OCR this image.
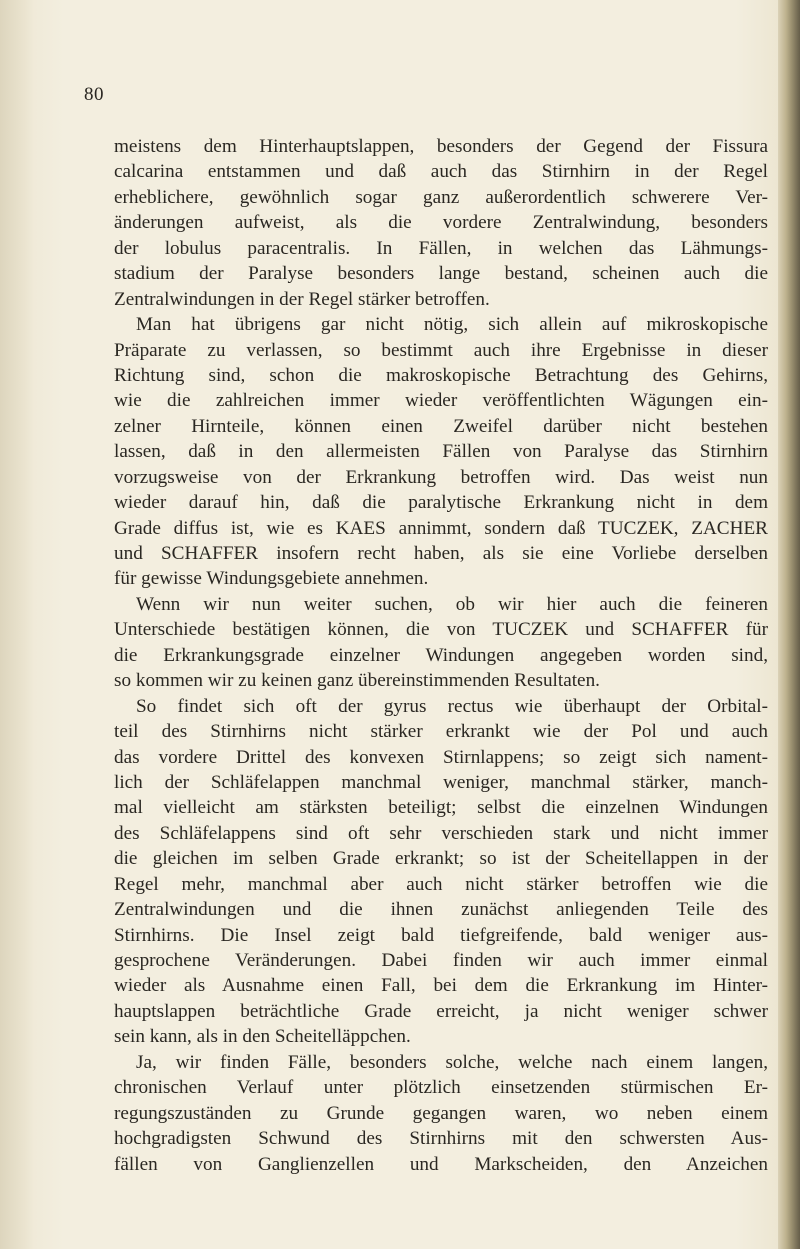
80
meistens dem Hinterhauptslappen, besonders der Gegend der Fissura
calcarina entstammen und daß auch das Stirnhirn in der Regel
erheblichere, gewöhnlich sogar ganz außerordentlich schwerere Ver-
änderungen aufweist, als die vordere Zentralwindung, besonders
der lobulus paracentralis. In Fällen, in welchen das Lähmungs-
stadium der Paralyse besonders lange bestand, scheinen auch die
Zentralwindungen in der Regel stärker betroffen.
Man hat übrigens gar nicht nötig, sich allein auf mikroskopische
Präparate zu verlassen, so bestimmt auch ihre Ergebnisse in dieser
Richtung sind, schon die makroskopische Betrachtung des Gehirns,
wie die zahlreichen immer wieder veröffentlichten Wägungen ein-
zelner Hirnteile, können einen Zweifel darüber nicht bestehen
lassen, daß in den allermeisten Fällen von Paralyse das Stirnhirn
vorzugsweise von der Erkrankung betroffen wird. Das weist nun
wieder darauf hin, daß die paralytische Erkrankung nicht in dem
Grade diffus ist, wie es KAES annimmt, sondern daß TUCZEK, ZACHER
und SCHAFFER insofern recht haben, als sie eine Vorliebe derselben
für gewisse Windungsgebiete annehmen.
Wenn wir nun weiter suchen, ob wir hier auch die feineren
Unterschiede bestätigen können, die von TUCZEK und SCHAFFER für
die Erkrankungsgrade einzelner Windungen angegeben worden sind,
so kommen wir zu keinen ganz übereinstimmenden Resultaten.
So findet sich oft der gyrus rectus wie überhaupt der Orbital-
teil des Stirnhirns nicht stärker erkrankt wie der Pol und auch
das vordere Drittel des konvexen Stirnlappens; so zeigt sich nament-
lich der Schläfelappen manchmal weniger, manchmal stärker, manch-
mal vielleicht am stärksten beteiligt; selbst die einzelnen Windungen
des Schläfelappens sind oft sehr verschieden stark und nicht immer
die gleichen im selben Grade erkrankt; so ist der Scheitellappen in der
Regel mehr, manchmal aber auch nicht stärker betroffen wie die
Zentralwindungen und die ihnen zunächst anliegenden Teile des
Stirnhirns. Die Insel zeigt bald tiefgreifende, bald weniger aus-
gesprochene Veränderungen. Dabei finden wir auch immer einmal
wieder als Ausnahme einen Fall, bei dem die Erkrankung im Hinter-
hauptslappen beträchtliche Grade erreicht, ja nicht weniger schwer
sein kann, als in den Scheitelläppchen.
Ja, wir finden Fälle, besonders solche, welche nach einem langen,
chronischen Verlauf unter plötzlich einsetzenden stürmischen Er-
regungszuständen zu Grunde gegangen waren, wo neben einem
hochgradigsten Schwund des Stirnhirns mit den schwersten Aus-
fällen von Ganglienzellen und Markscheiden, den Anzeichen
